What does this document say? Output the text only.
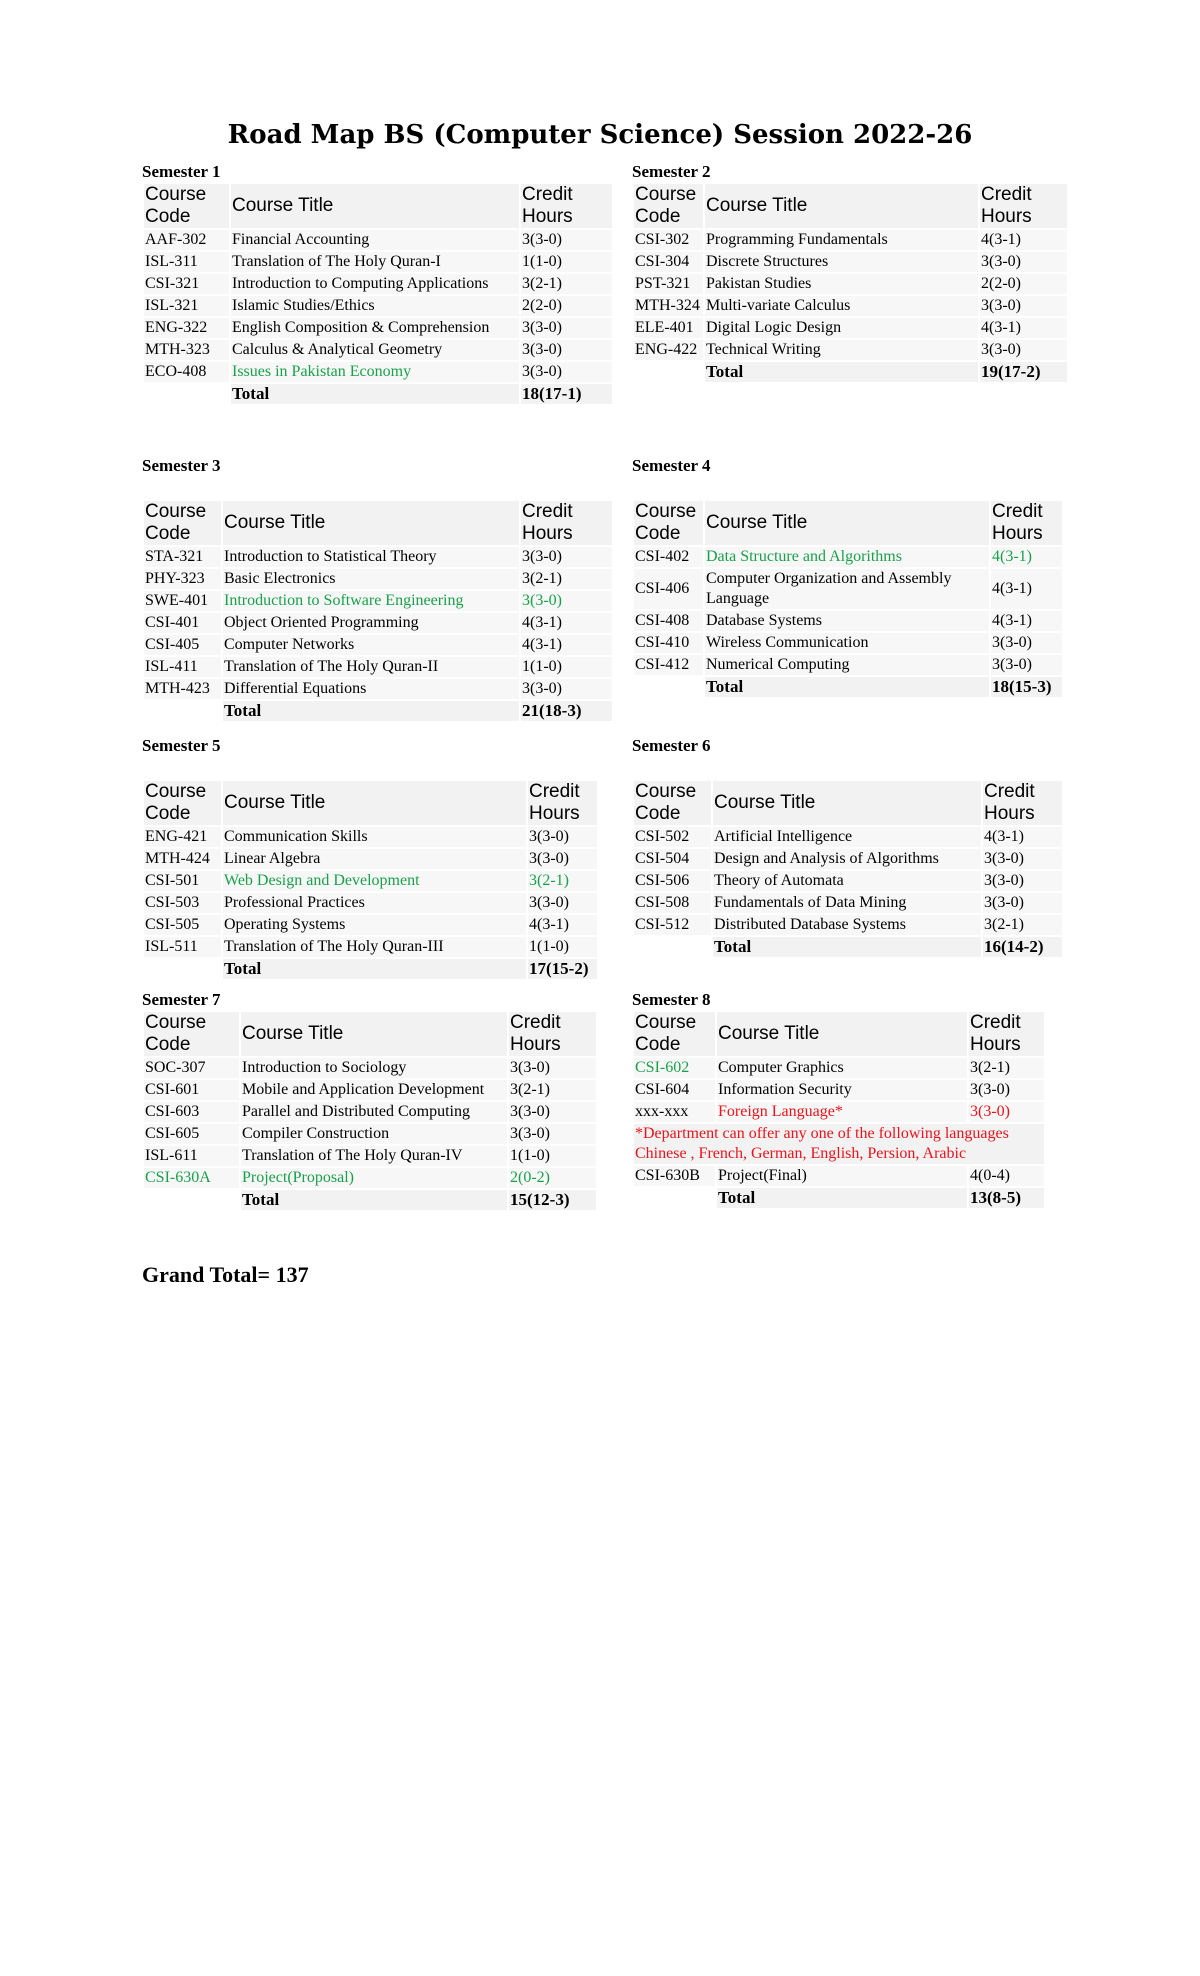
Road Map BS (Computer Science) Session 2022-26
Semester 1
Course Code	Course Title	Credit Hours
AAF-302	Financial Accounting	3(3-0)
ISL-311	Translation of The Holy Quran-I	1(1-0)
CSI-321	Introduction to Computing Applications	3(2-1)
ISL-321	Islamic Studies/Ethics	2(2-0)
ENG-322	English Composition & Comprehension	3(3-0)
MTH-323	Calculus & Analytical Geometry	3(3-0)
ECO-408	Issues in Pakistan Economy	3(3-0)
	Total	18(17-1)
Semester 2
Course Code	Course Title	Credit Hours
CSI-302	Programming Fundamentals	4(3-1)
CSI-304	Discrete Structures	3(3-0)
PST-321	Pakistan Studies	2(2-0)
MTH-324	Multi-variate Calculus	3(3-0)
ELE-401	Digital Logic Design	4(3-1)
ENG-422	Technical Writing	3(3-0)
	Total	19(17-2)
Semester 3
Course Code	Course Title	Credit Hours
STA-321	Introduction to Statistical Theory	3(3-0)
PHY-323	Basic Electronics	3(2-1)
SWE-401	Introduction to Software Engineering	3(3-0)
CSI-401	Object Oriented Programming	4(3-1)
CSI-405	Computer Networks	4(3-1)
ISL-411	Translation of The Holy Quran-II	1(1-0)
MTH-423	Differential Equations	3(3-0)
	Total	21(18-3)
Semester 4
Course Code	Course Title	Credit Hours
CSI-402	Data Structure and Algorithms	4(3-1)
CSI-406	Computer Organization and Assembly Language	4(3-1)
CSI-408	Database Systems	4(3-1)
CSI-410	Wireless Communication	3(3-0)
CSI-412	Numerical Computing	3(3-0)
	Total	18(15-3)
Semester 5
Course Code	Course Title	Credit Hours
ENG-421	Communication Skills	3(3-0)
MTH-424	Linear Algebra	3(3-0)
CSI-501	Web Design and Development	3(2-1)
CSI-503	Professional Practices	3(3-0)
CSI-505	Operating Systems	4(3-1)
ISL-511	Translation of The Holy Quran-III	1(1-0)
	Total	17(15-2)
Semester 6
Course Code	Course Title	Credit Hours
CSI-502	Artificial Intelligence	4(3-1)
CSI-504	Design and Analysis of Algorithms	3(3-0)
CSI-506	Theory of Automata	3(3-0)
CSI-508	Fundamentals of Data Mining	3(3-0)
CSI-512	Distributed Database Systems	3(2-1)
	Total	16(14-2)
Semester 7
Course Code	Course Title	Credit Hours
SOC-307	Introduction to Sociology	3(3-0)
CSI-601	Mobile and Application Development	3(2-1)
CSI-603	Parallel and Distributed Computing	3(3-0)
CSI-605	Compiler Construction	3(3-0)
ISL-611	Translation of The Holy Quran-IV	1(1-0)
CSI-630A	Project(Proposal)	2(0-2)
	Total	15(12-3)
Semester 8
Course Code	Course Title	Credit Hours
CSI-602	Computer Graphics	3(2-1)
CSI-604	Information Security	3(3-0)
xxx-xxx	Foreign Language*	3(3-0)
*Department can offer any one of the following languages Chinese , French, German, English, Persion, Arabic		
CSI-630B	Project(Final)	4(0-4)
	Total	13(8-5)
Grand Total= 137
